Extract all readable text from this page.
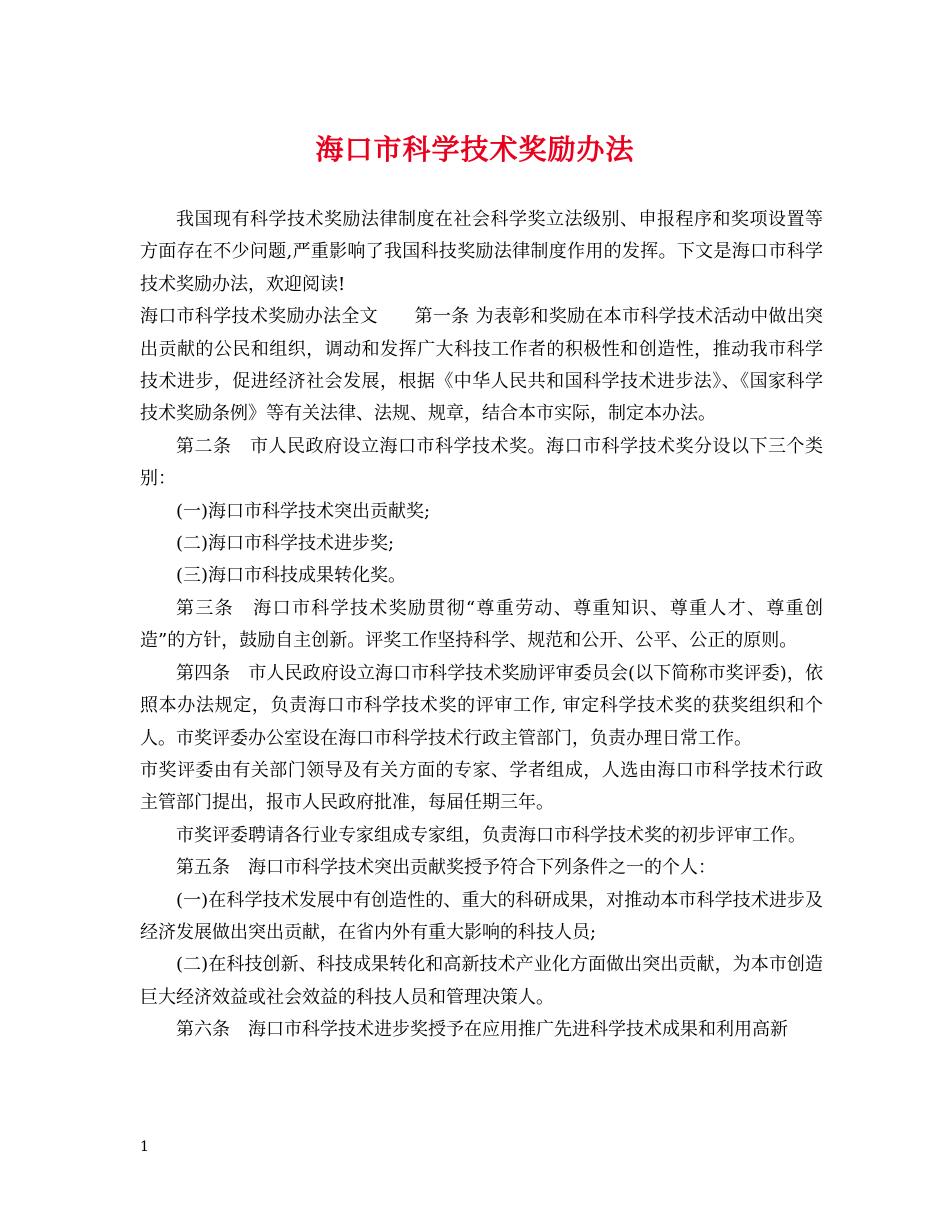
海口市科学技术奖励办法

我国现有科学技术奖励法律制度在社会科学奖立法级别、申报程序和奖项设置等方面存在不少问题,严重影响了我国科技奖励法律制度作用的发挥。下文是海口市科学技术奖励办法，欢迎阅读!

海口市科学技术奖励办法全文　　第一条 为表彰和奖励在本市科学技术活动中做出突出贡献的公民和组织，调动和发挥广大科技工作者的积极性和创造性，推动我市科学技术进步，促进经济社会发展，根据《中华人民共和国科学技术进步法》、《国家科学技术奖励条例》等有关法律、法规、规章，结合本市实际，制定本办法。

第二条　市人民政府设立海口市科学技术奖。海口市科学技术奖分设以下三个类别：

(一)海口市科学技术突出贡献奖;

(二)海口市科学技术进步奖;

(三)海口市科技成果转化奖。

第三条　海口市科学技术奖励贯彻“尊重劳动、尊重知识、尊重人才、尊重创造”的方针，鼓励自主创新。评奖工作坚持科学、规范和公开、公平、公正的原则。

第四条　市人民政府设立海口市科学技术奖励评审委员会(以下简称市奖评委)，依照本办法规定，负责海口市科学技术奖的评审工作, 审定科学技术奖的获奖组织和个人。市奖评委办公室设在海口市科学技术行政主管部门，负责办理日常工作。

市奖评委由有关部门领导及有关方面的专家、学者组成，人选由海口市科学技术行政主管部门提出，报市人民政府批准，每届任期三年。

市奖评委聘请各行业专家组成专家组，负责海口市科学技术奖的初步评审工作。

第五条　海口市科学技术突出贡献奖授予符合下列条件之一的个人：

(一)在科学技术发展中有创造性的、重大的科研成果，对推动本市科学技术进步及经济发展做出突出贡献，在省内外有重大影响的科技人员;

(二)在科技创新、科技成果转化和高新技术产业化方面做出突出贡献，为本市创造巨大经济效益或社会效益的科技人员和管理决策人。

第六条　海口市科学技术进步奖授予在应用推广先进科学技术成果和利用高新

1
